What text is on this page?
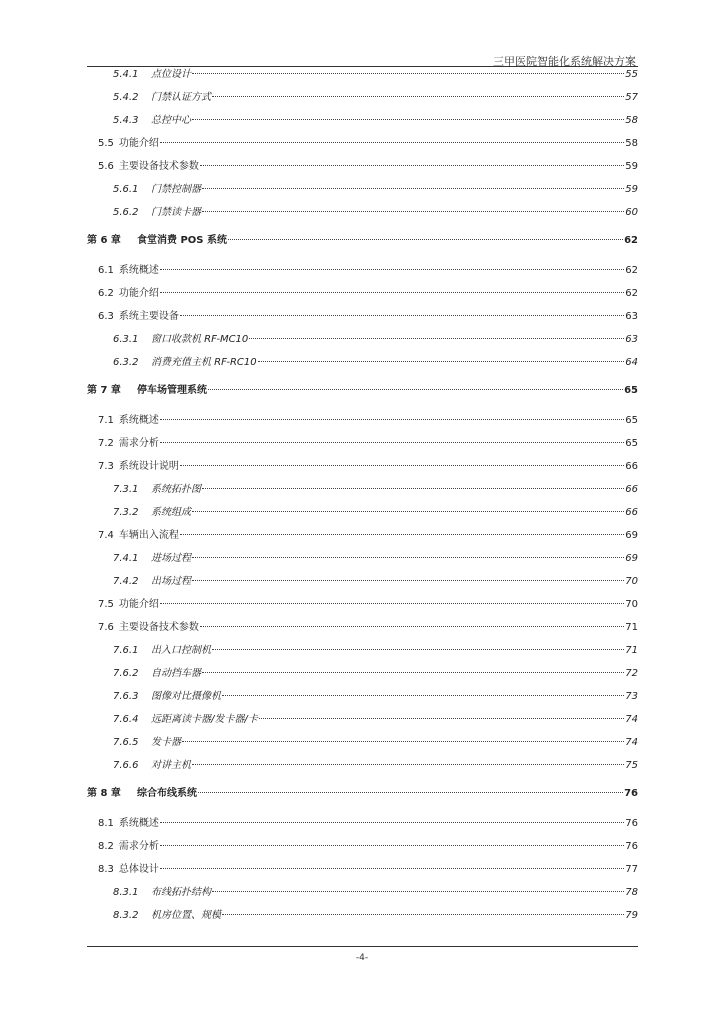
三甲医院智能化系统解决方案
5.4.1 点位设计	55
5.4.2 门禁认证方式	57
5.4.3 总控中心	58
5.5 功能介绍	58
5.6 主要设备技术参数	59
5.6.1 门禁控制器	59
5.6.2 门禁读卡器	60
第 6 章	食堂消费 POS 系统	62
6.1 系统概述	62
6.2 功能介绍	62
6.3 系统主要设备	63
6.3.1 窗口收款机 RF-MC10	63
6.3.2 消费充值主机 RF-RC10	64
第 7 章	停车场管理系统	65
7.1 系统概述	65
7.2 需求分析	65
7.3 系统设计说明	66
7.3.1 系统拓扑图	66
7.3.2 系统组成	66
7.4 车辆出入流程	69
7.4.1 进场过程	69
7.4.2 出场过程	70
7.5 功能介绍	70
7.6 主要设备技术参数	71
7.6.1 出入口控制机	71
7.6.2 自动挡车器	72
7.6.3 图像对比摄像机	73
7.6.4 远距离读卡器/发卡器/卡	74
7.6.5 发卡器	74
7.6.6 对讲主机	75
第 8 章	综合布线系统	76
8.1 系统概述	76
8.2 需求分析	76
8.3 总体设计	77
8.3.1 布线拓扑结构	78
8.3.2 机房位置、规模	79
-4-
